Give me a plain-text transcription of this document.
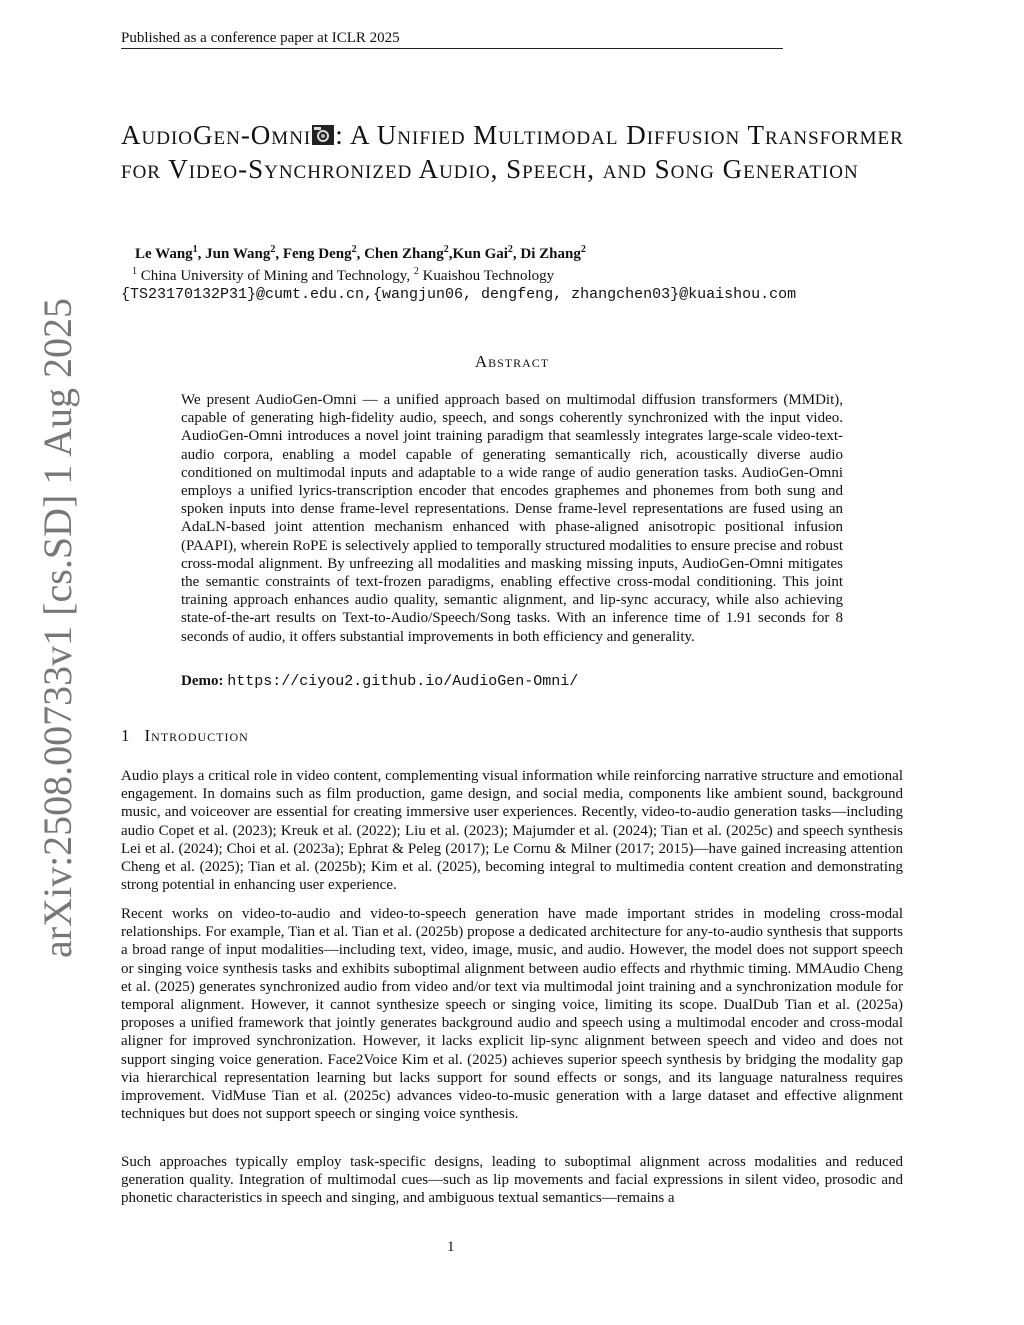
Published as a conference paper at ICLR 2025
AudioGen-Omni : A Unified Multimodal Diffusion Transformer for Video-Synchronized Audio, Speech, and Song Generation
Le Wang$^1$, Jun Wang$^2$, Feng Deng$^2$, Chen Zhang$^2$,Kun Gai$^2$, Di Zhang$^2$
$^1$ China University of Mining and Technology, $^2$ Kuaishou Technology
{TS23170132P31}@cumt.edu.cn,{wangjun06, dengfeng, zhangchen03}@kuaishou.com
Abstract
We present AudioGen-Omni — a unified approach based on multimodal diffusion transformers (MMDit), capable of generating high-fidelity audio, speech, and songs coherently synchronized with the input video. AudioGen-Omni introduces a novel joint training paradigm that seamlessly integrates large-scale video-text-audio corpora, enabling a model capable of generating semantically rich, acoustically diverse audio conditioned on multimodal inputs and adaptable to a wide range of audio generation tasks. AudioGen-Omni employs a unified lyrics-transcription encoder that encodes graphemes and phonemes from both sung and spoken inputs into dense frame-level representations. Dense frame-level representations are fused using an AdaLN-based joint attention mechanism enhanced with phase-aligned anisotropic positional infusion (PAAPI), wherein RoPE is selectively applied to temporally structured modalities to ensure precise and robust cross-modal alignment. By unfreezing all modalities and masking missing inputs, AudioGen-Omni mitigates the semantic constraints of text-frozen paradigms, enabling effective cross-modal conditioning. This joint training approach enhances audio quality, semantic alignment, and lip-sync accuracy, while also achieving state-of-the-art results on Text-to-Audio/Speech/Song tasks. With an inference time of 1.91 seconds for 8 seconds of audio, it offers substantial improvements in both efficiency and generality.
Demo: https://ciyou2.github.io/AudioGen-Omni/
1 Introduction
Audio plays a critical role in video content, complementing visual information while reinforcing narrative structure and emotional engagement. In domains such as film production, game design, and social media, components like ambient sound, background music, and voiceover are essential for creating immersive user experiences. Recently, video-to-audio generation tasks—including audio Copet et al. (2023); Kreuk et al. (2022); Liu et al. (2023); Majumder et al. (2024); Tian et al. (2025c) and speech synthesis Lei et al. (2024); Choi et al. (2023a); Ephrat & Peleg (2017); Le Cornu & Milner (2017; 2015)—have gained increasing attention Cheng et al. (2025); Tian et al. (2025b); Kim et al. (2025), becoming integral to multimedia content creation and demonstrating strong potential in enhancing user experience.
Recent works on video-to-audio and video-to-speech generation have made important strides in modeling cross-modal relationships. For example, Tian et al. Tian et al. (2025b) propose a dedicated architecture for any-to-audio synthesis that supports a broad range of input modalities—including text, video, image, music, and audio. However, the model does not support speech or singing voice synthesis tasks and exhibits suboptimal alignment between audio effects and rhythmic timing. MMAudio Cheng et al. (2025) generates synchronized audio from video and/or text via multimodal joint training and a synchronization module for temporal alignment. However, it cannot synthesize speech or singing voice, limiting its scope. DualDub Tian et al. (2025a) proposes a unified framework that jointly generates background audio and speech using a multimodal encoder and cross-modal aligner for improved synchronization. However, it lacks explicit lip-sync alignment between speech and video and does not support singing voice generation. Face2Voice Kim et al. (2025) achieves superior speech synthesis by bridging the modality gap via hierarchical representation learning but lacks support for sound effects or songs, and its language naturalness requires improvement. VidMuse Tian et al. (2025c) advances video-to-music generation with a large dataset and effective alignment techniques but does not support speech or singing voice synthesis.
Such approaches typically employ task-specific designs, leading to suboptimal alignment across modalities and reduced generation quality. Integration of multimodal cues—such as lip movements and facial expressions in silent video, prosodic and phonetic characteristics in speech and singing, and ambiguous textual semantics—remains a
1
arXiv:2508.00733v1 [cs.SD] 1 Aug 2025
